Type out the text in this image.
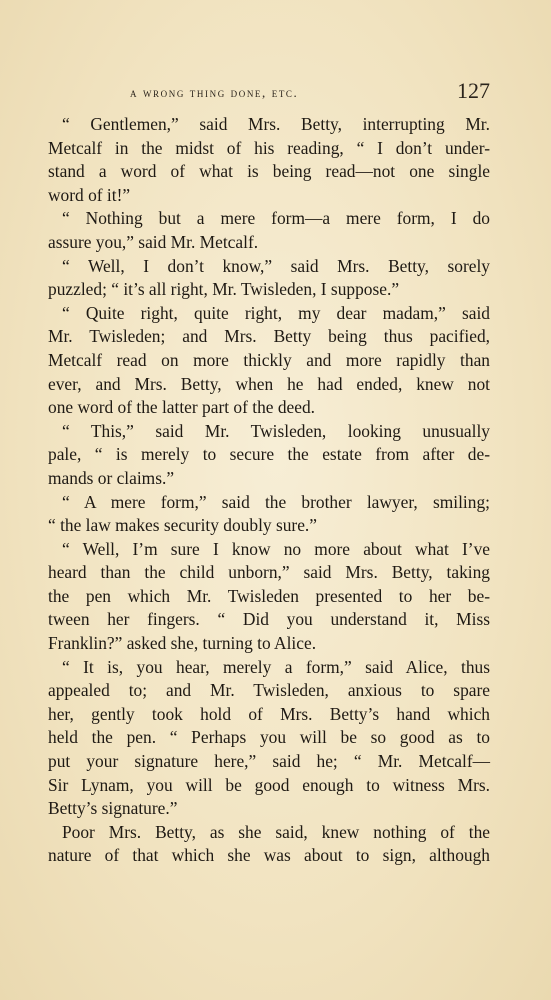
a wrong thing done, etc.	127
“ Gentlemen,” said Mrs. Betty, interrupting Mr.
Metcalf in the midst of his reading, “ I don’t under-
stand a word of what is being read—not one single
word of it!”
“ Nothing but a mere form—a mere form, I do
assure you,” said Mr. Metcalf.
“ Well, I don’t know,” said Mrs. Betty, sorely
puzzled; “ it’s all right, Mr. Twisleden, I suppose.”
“ Quite right, quite right, my dear madam,” said
Mr. Twisleden; and Mrs. Betty being thus pacified,
Metcalf read on more thickly and more rapidly than
ever, and Mrs. Betty, when he had ended, knew not
one word of the latter part of the deed.
“ This,” said Mr. Twisleden, looking unusually
pale, “ is merely to secure the estate from after de-
mands or claims.”
“ A mere form,” said the brother lawyer, smiling;
“ the law makes security doubly sure.”
“ Well, I’m sure I know no more about what I’ve
heard than the child unborn,” said Mrs. Betty, taking
the pen which Mr. Twisleden presented to her be-
tween her fingers. “ Did you understand it, Miss
Franklin?” asked she, turning to Alice.
“ It is, you hear, merely a form,” said Alice, thus
appealed to; and Mr. Twisleden, anxious to spare
her, gently took hold of Mrs. Betty’s hand which
held the pen. “ Perhaps you will be so good as to
put your signature here,” said he; “ Mr. Metcalf—
Sir Lynam, you will be good enough to witness Mrs.
Betty’s signature.”
Poor Mrs. Betty, as she said, knew nothing of the
nature of that which she was about to sign, although
